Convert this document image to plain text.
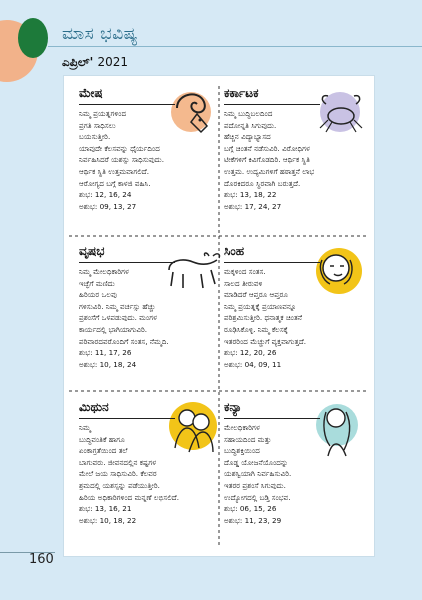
ಮಾಸ ಭವಿಷ್ಯ
ಎಪ್ರಿಲ್' 2021
ಮೇಷ
ನಿಮ್ಮ ಪ್ರಯತ್ನಗಳಿಂದ
ಪ್ರಗತಿ ಸಾಧಿಸಲು
ಬಯಸುತ್ತೀರಿ.
ಯಾವುದೇ ಕೆಲಸವನ್ನು ಧೈರ್ಯದಿಂದ
ನಿರ್ವಹಿಸಿದರೆ ಯಶಸ್ಸು ಸಾಧಿಸುವುದು.
ಆರ್ಥಿಕ ಸ್ಥಿತಿ ಉತ್ತಮವಾಗಲಿದೆ.
ಆರೋಗ್ಯದ ಬಗ್ಗೆ ಕಾಳಜಿ ವಹಿಸಿ.
ಶುಭ: 12, 16, 24
ಅಶುಭ: 09, 13, 27
ಕರ್ಕಾಟಕ
ನಿಮ್ಮ ಬುದ್ಧಿಬಲದಿಂದ
ಪದೋನ್ನತಿ ಸಿಗುವುದು.
ಹೆಚ್ಚಿನ ವಿದ್ಯಾಭ್ಯಾಸದ
ಬಗ್ಗೆ ಚಿಂತನೆ ನಡೆಸುವಿರಿ. ವಿರೋಧಿಗಳ
ಟೀಕೆಗಳಿಗೆ ಕಿವಿಗೊಡದಿರಿ. ಆರ್ಥಿಕ ಸ್ಥಿತಿ
ಉತ್ತಮ. ಉದ್ಯಮಿಗಳಿಗೆ ಹಠಾತ್ತನೆ ಲಾಭ
ದೊರಕಿದರೂ ಸ್ಥಿರವಾಗಿ ಬರುತ್ತದೆ.
ಶುಭ: 13, 18, 22
ಅಶುಭ: 17, 24, 27
ವೃಷಭ
ನಿಮ್ಮ ಮೇಲಧಿಕಾರಿಗಳ
ಇಚ್ಛೆಗೆ ಮಣಿದು
ಹಿರಿಯರ ಒಲವು
ಗಳಿಸುವಿರಿ. ನಿಮ್ಮ ವರ್ಚಸ್ಸು ಹೆಚ್ಚು
ಪ್ರಶಂಸೆಗೆ ಒಳಪಡುವುದು. ಮಂಗಳ
ಕಾರ್ಯದಲ್ಲಿ ಭಾಗಿಯಾಗುವಿರಿ.
ಪರಿವಾರದವರೊಂದಿಗೆ ಸಂತಸ, ನೆಮ್ಮದಿ.
ಶುಭ: 11, 17, 26
ಅಶುಭ: 10, 18, 24
ಸಿಂಹ
ಮಕ್ಕಳಿಂದ ಸಂತಸ.
ಸಾಲದ ತೀರುವಳಿ
ಮಾಡಿದರೆ ಆಪ್ತರೂ ಆಪ್ತರೂ
ನಿಮ್ಮ ಪ್ರಯತ್ನಕ್ಕೆ ಪ್ರಯಾಣವನ್ನೂ
ಪರಿಶ್ರಮಿಸುತ್ತೀರಿ. ಧನಾತ್ಮಕ ಚಿಂತನೆ
ರೂಢಿಸಿಕೊಳ್ಳಿ. ನಿಮ್ಮ ಕೆಲಸಕ್ಕೆ
ಇತರರಿಂದ ಮೆಚ್ಚುಗೆ ವ್ಯಕ್ತವಾಗುತ್ತದೆ.
ಶುಭ: 12, 20, 26
ಅಶುಭ: 04, 09, 11
ಮಿಥುನ
ನಿಮ್ಮ
ಬುದ್ಧಿವಂತಿಕೆ ಹಾಗೂ
ಏಂಕಾಗ್ರತೆಯಿಂದ ತಲೆ
ಬಾಗುವರು. ಜೀವನದಲ್ಲಿನ ಕಷ್ಟಗಳ
ಮೇಲೆ ಜಯ ಸಾಧಿಸುವಿರಿ. ಕೆಲವರ
ಶ್ರಮದಲ್ಲಿ ಯಶಸ್ಸನ್ನು ಪಡೆಯುತ್ತೀರಿ.
ಹಿರಿಯ ಅಧಿಕಾರಿಗಳಿಂದ ಮನ್ನಣೆ ಲಭಿಸಲಿದೆ.
ಶುಭ: 13, 16, 21
ಅಶುಭ: 10, 18, 22
ಕನ್ಯಾ
ಮೇಲಧಿಕಾರಿಗಳ
ಸಹಾಯದಿಂದ ಮತ್ತು
ಬುದ್ಧಿಶಕ್ತಿಯಿಂದ
ದೊಡ್ಡ ಯೋಜನೆಯೊಂದನ್ನು
ಯಶಸ್ವಿಯಾಗಿ ನಿರ್ವಹಿಸುವಿರಿ.
ಇತರರ ಪ್ರಶಂಸೆ ಸಿಗುವುದು.
ಉದ್ಯೋಗದಲ್ಲಿ ಬಡ್ತಿ ಸಂಭವ.
ಶುಭ: 06, 15, 26
ಅಶುಭ: 11, 23, 29
160
